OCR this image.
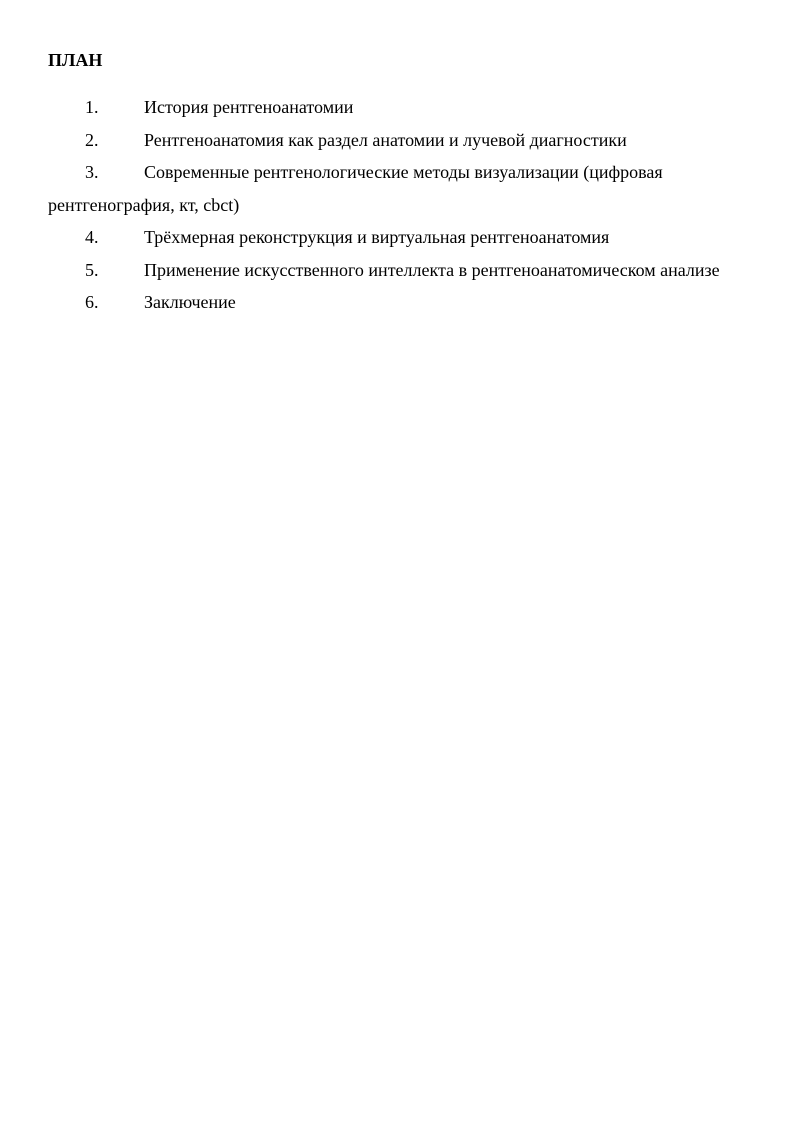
ПЛАН
1.	История рентгеноанатомии
2.	Рентгеноанатомия как раздел анатомии и лучевой диагностики
3.	Современные рентгенологические методы визуализации (цифровая рентгенография, кт, cbct)
4.	Трёхмерная реконструкция и виртуальная рентгеноанатомия
5.	Применение искусственного интеллекта в рентгеноанатомическом анализе
6.	Заключение
